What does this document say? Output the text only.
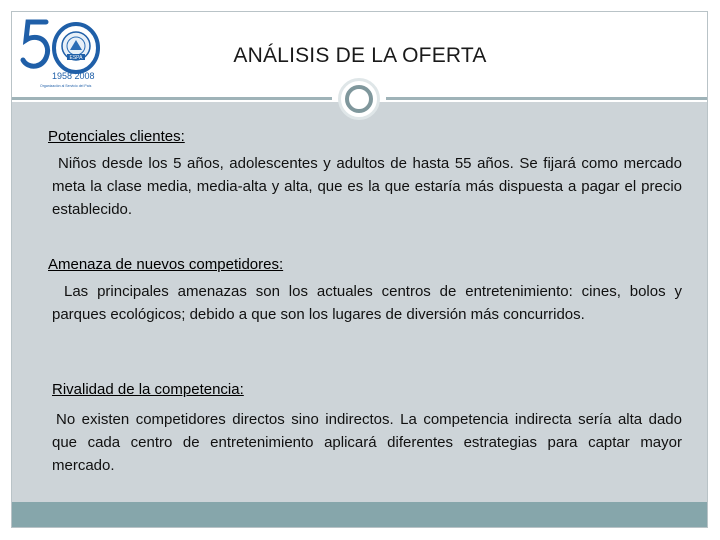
ESPA
1958 2008
Organización al Servicio del País
ANÁLISIS DE LA OFERTA
Potenciales clientes:

Niños desde los 5 años, adolescentes y adultos de hasta 55 años. Se fijará como mercado meta la clase media, media-alta y alta, que es la que estaría más dispuesta a pagar el precio establecido.

Amenaza de nuevos competidores:

Las principales amenazas son los actuales centros de entretenimiento: cines, bolos y parques ecológicos; debido a que son los lugares de diversión más concurridos.

Rivalidad de la competencia:

No existen competidores directos sino indirectos. La competencia indirecta sería alta dado que cada centro de entretenimiento aplicará diferentes estrategias para captar mayor mercado.
